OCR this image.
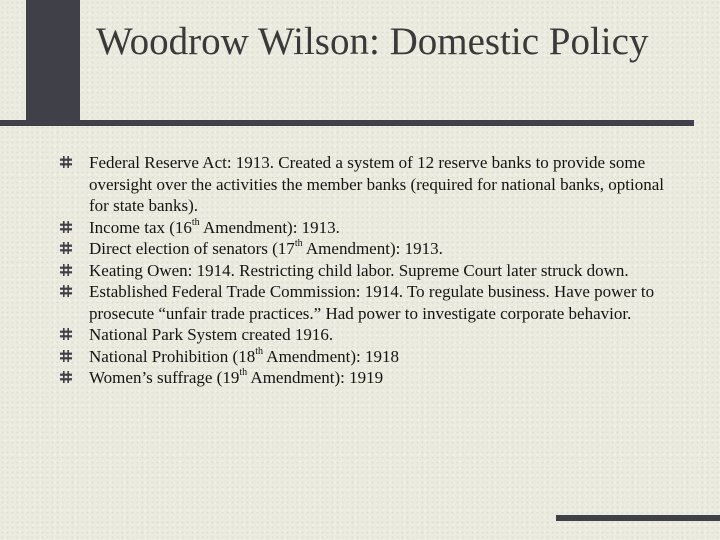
Woodrow Wilson: Domestic Policy
Federal Reserve Act: 1913. Created a system of 12 reserve banks to provide some oversight over the activities the member banks (required for national banks, optional for state banks).
Income tax (16th Amendment): 1913.
Direct election of senators (17th Amendment): 1913.
Keating Owen: 1914. Restricting child labor. Supreme Court later struck down.
Established Federal Trade Commission: 1914. To regulate business. Have power to prosecute “unfair trade practices.” Had power to investigate corporate behavior.
National Park System created 1916.
National Prohibition (18th Amendment): 1918
Women’s suffrage (19th Amendment): 1919
